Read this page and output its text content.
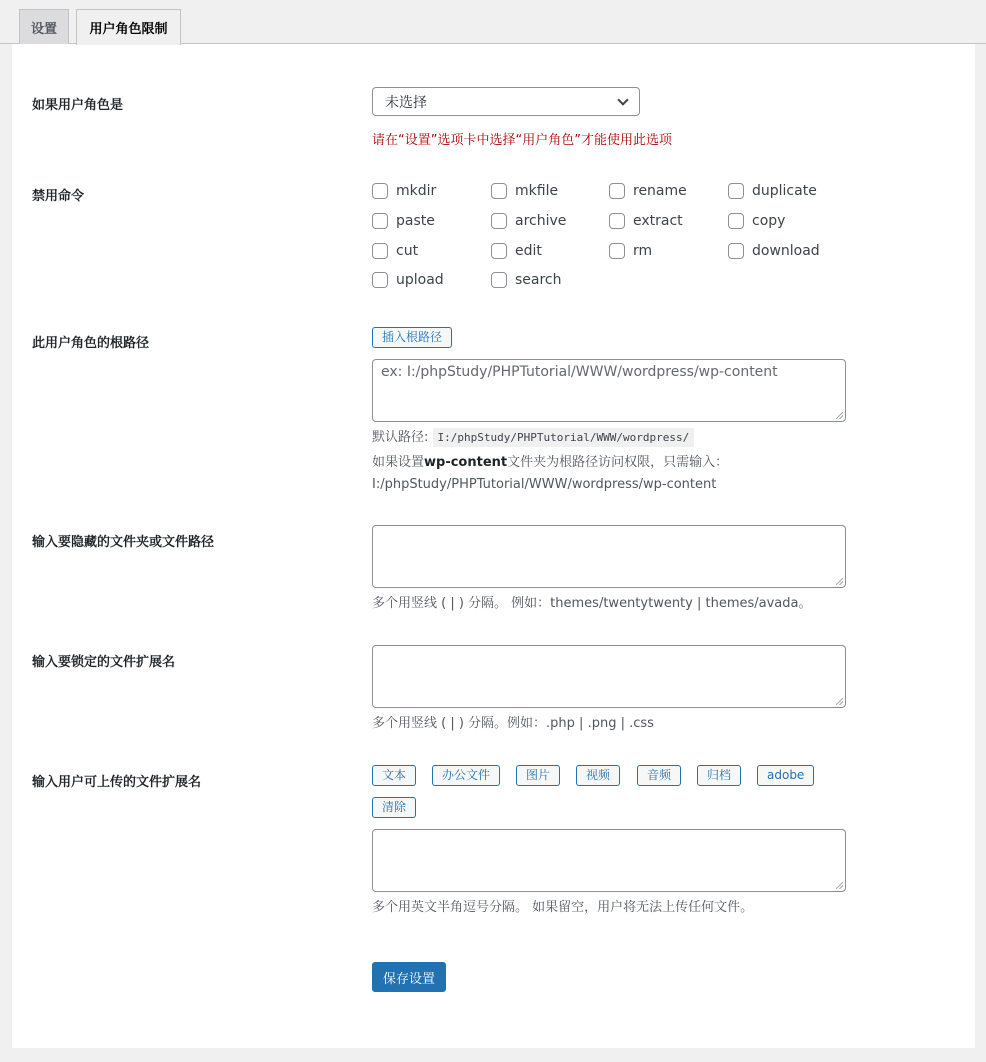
设置	用户角色限制
如果用户角色是	未选择
请在“设置”选项卡中选择“用户角色”才能使用此选项
禁用命令	mkdir	mkfile	rename	duplicate
paste	archive	extract	copy
cut	edit	rm	download
upload	search
此用户角色的根路径	插入根路径
ex: I:/phpStudy/PHPTutorial/WWW/wordpress/wp-content
默认路径: I:/phpStudy/PHPTutorial/WWW/wordpress/
如果设置wp-content文件夹为根路径访问权限，只需输入：
I:/phpStudy/PHPTutorial/WWW/wordpress/wp-content
输入要隐藏的文件夹或文件路径
多个用竖线 ( | ) 分隔。 例如：themes/twentytwenty | themes/avada。
输入要锁定的文件扩展名
多个用竖线 ( | ) 分隔。例如：.php | .png | .css
输入用户可上传的文件扩展名	文本	办公文件	图片	视频	音频	归档	adobe
清除
多个用英文半角逗号分隔。 如果留空，用户将无法上传任何文件。
保存设置
